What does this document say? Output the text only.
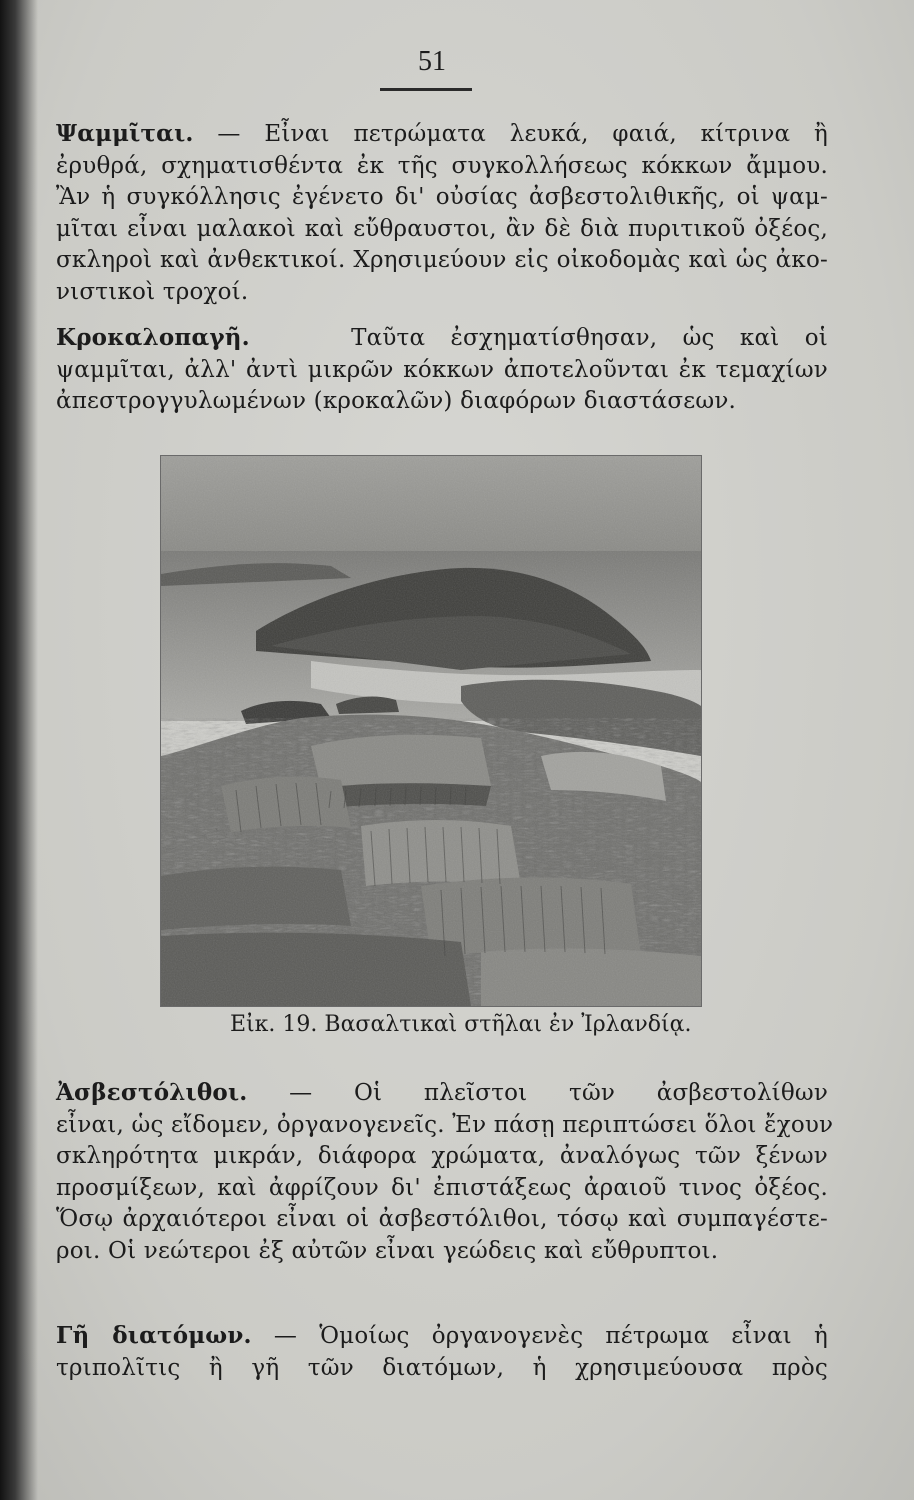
51
Ψαμμῖται. — Εἶναι πετρώματα λευκά, φαιά, κίτρινα ἢ
ἐρυθρά, σχηματισθέντα ἐκ τῆς συγκολλήσεως κόκκων ἄμμου.
Ἂν ἡ συγκόλλησις ἐγένετο δι' οὐσίας ἀσβεστολιθικῆς, οἱ ψαμ-
μῖται εἶναι μαλακοὶ καὶ εὔθραυστοι, ἂν δὲ διὰ πυριτικοῦ ὀξέος,
σκληροὶ καὶ ἀνθεκτικοί. Χρησιμεύουν εἰς οἰκοδομὰς καὶ ὡς ἀκο-
νιστικοὶ τροχοί.
Κροκαλοπαγῆ.	Ταῦτα ἐσχηματίσθησαν, ὡς καὶ οἱ
ψαμμῖται, ἀλλ' ἀντὶ μικρῶν κόκκων ἀποτελοῦνται ἐκ τεμαχίων
ἀπεστρογγυλωμένων (κροκαλῶν) διαφόρων διαστάσεων.
Εἰκ. 19. Βασαλτικαὶ στῆλαι ἐν Ἰρλανδίᾳ.
Ἀσβεστόλιθοι. — Οἱ πλεῖστοι τῶν ἀσβεστολίθων
εἶναι, ὡς εἴδομεν, ὀργανογενεῖς. Ἐν πάσῃ περιπτώσει ὅλοι ἔχουν
σκληρότητα μικράν, διάφορα χρώματα, ἀναλόγως τῶν ξένων
προσμίξεων, καὶ ἀφρίζουν δι' ἐπιστάξεως ἀραιοῦ τινος ὀξέος.
Ὅσῳ ἀρχαιότεροι εἶναι οἱ ἀσβεστόλιθοι, τόσῳ καὶ συμπαγέστε-
ροι. Οἱ νεώτεροι ἐξ αὐτῶν εἶναι γεώδεις καὶ εὔθρυπτοι.
Γῆ διατόμων. — Ὁμοίως ὀργανογενὲς πέτρωμα εἶναι ἡ
τριπολῖτις ἢ γῆ τῶν διατόμων, ἡ χρησιμεύουσα πρὸς
